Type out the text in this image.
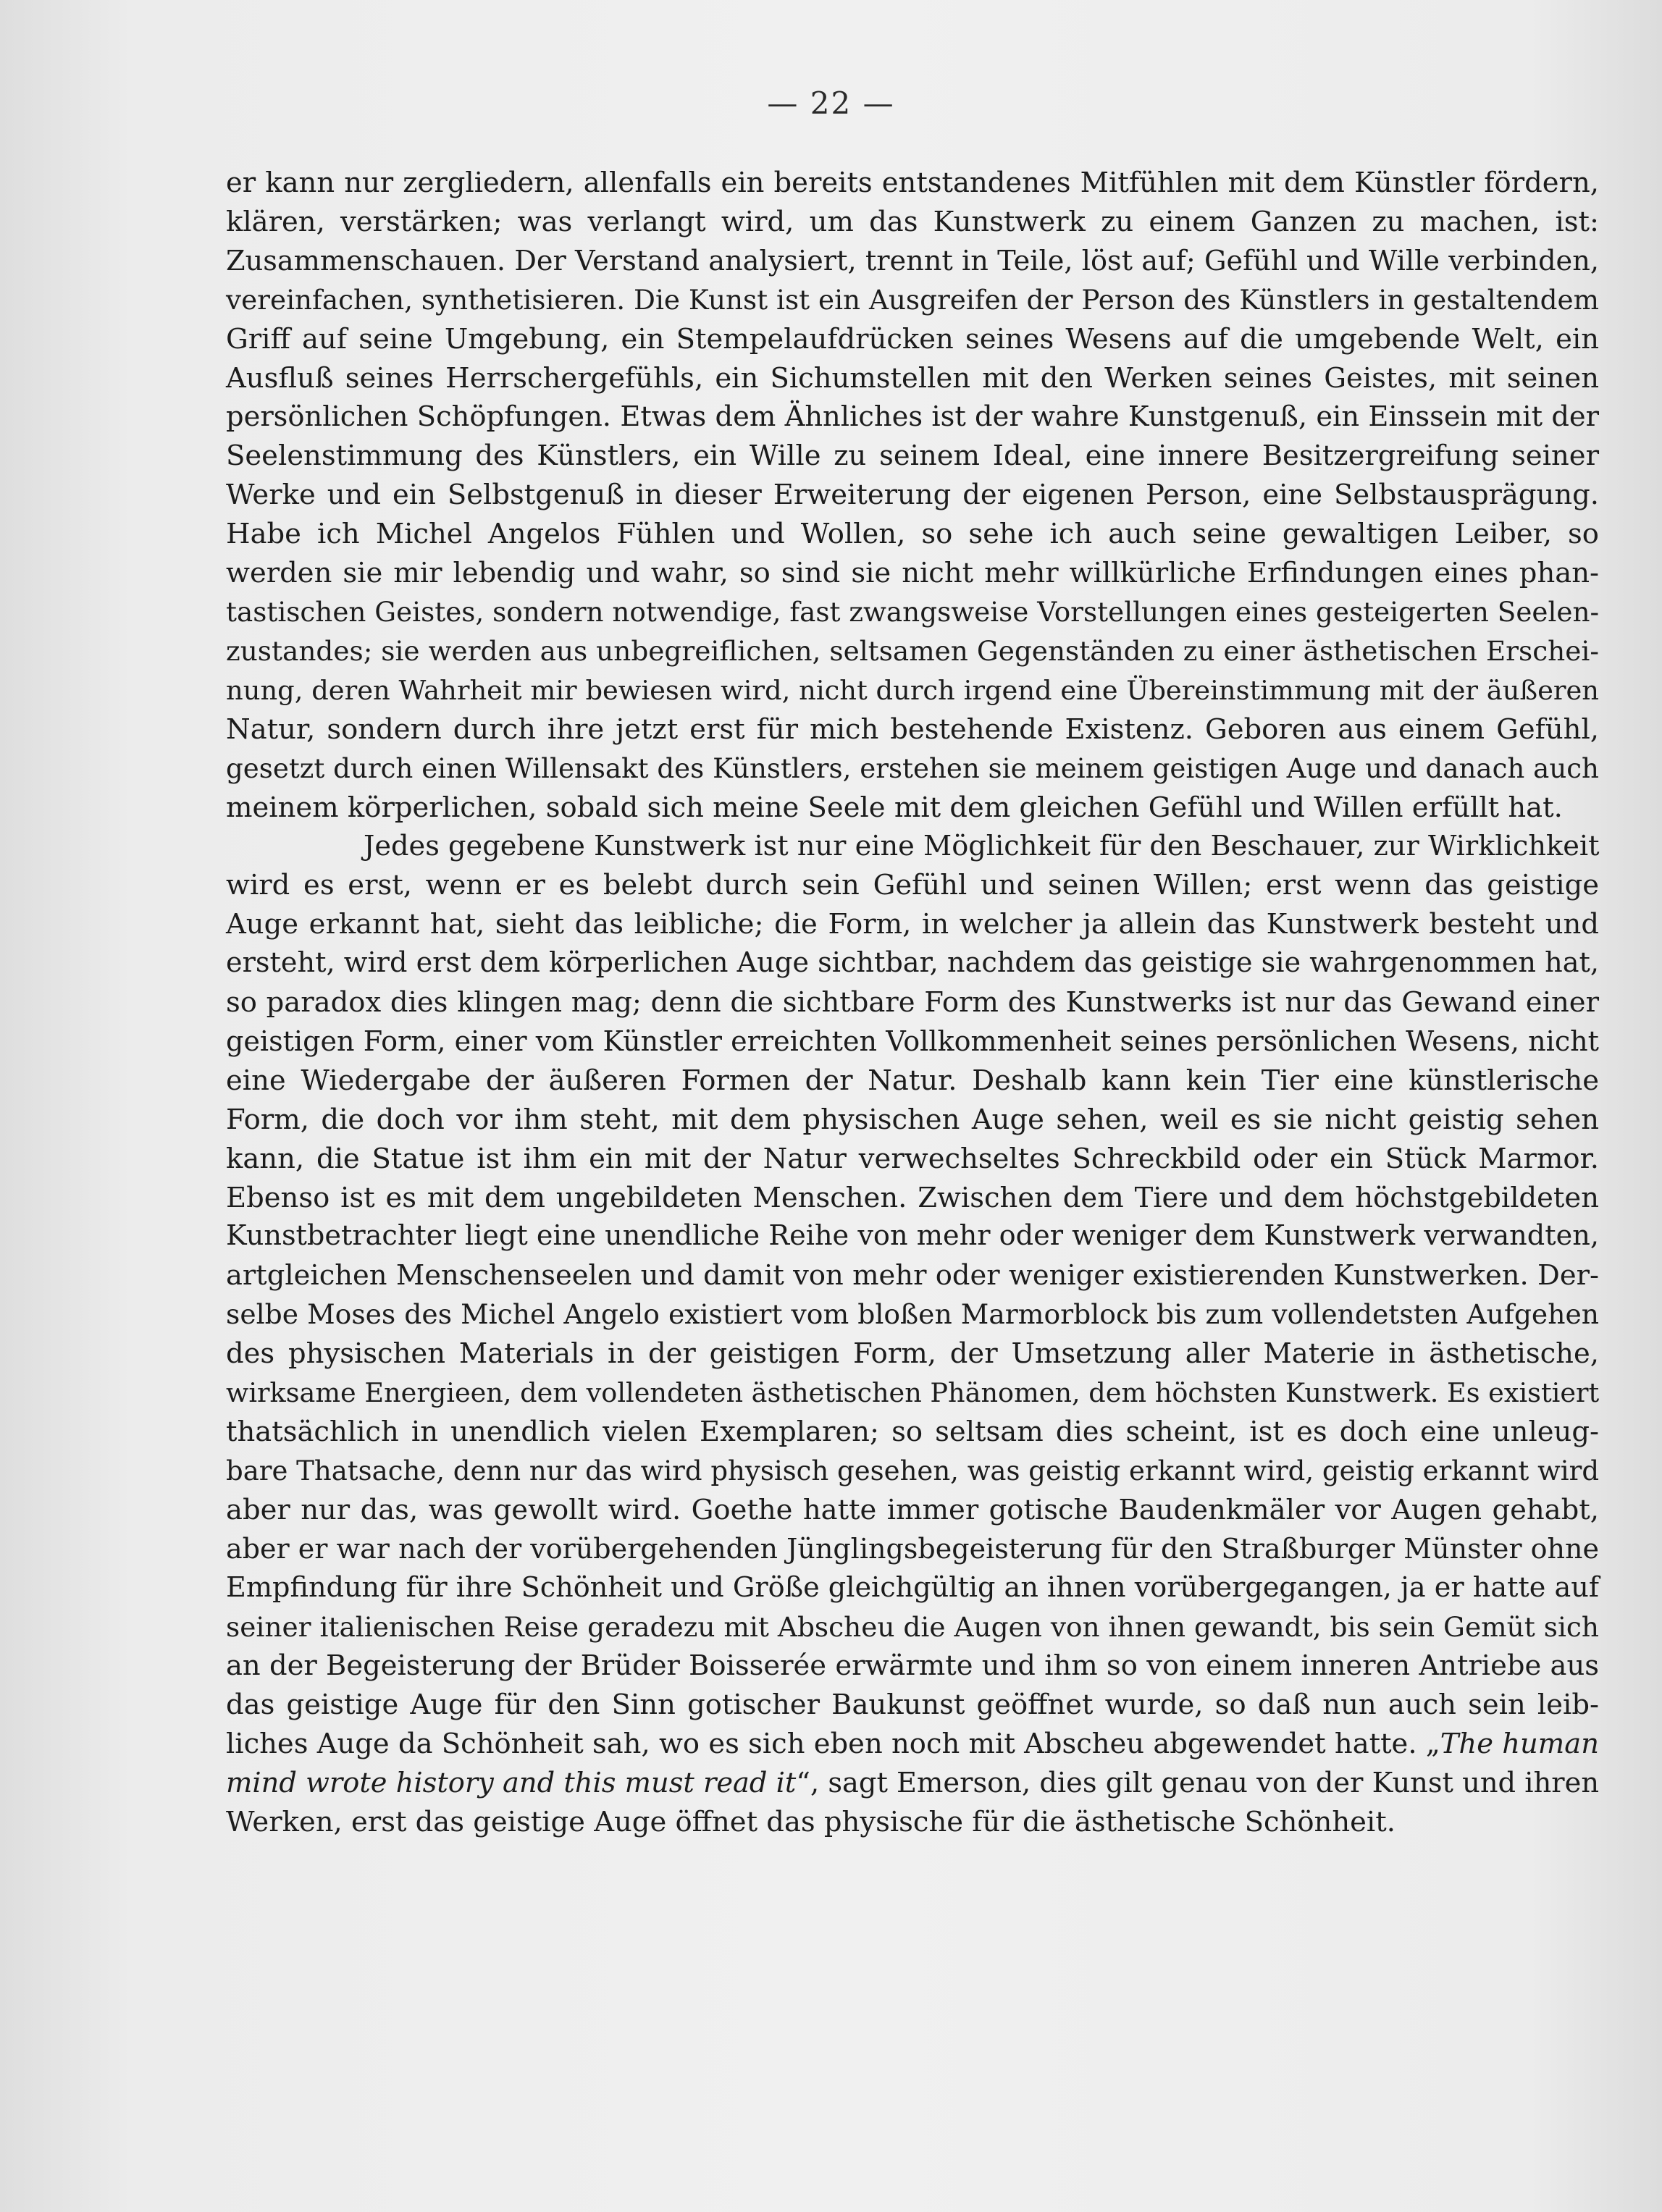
— 22 —
er kann nur zergliedern, allenfalls ein bereits entstandenes Mitfühlen mit dem Künstler fördern,
klären, verstärken; was verlangt wird, um das Kunstwerk zu einem Ganzen zu machen, ist:
Zusammenschauen. Der Verstand analysiert, trennt in Teile, löst auf; Gefühl und Wille verbinden,
vereinfachen, synthetisieren. Die Kunst ist ein Ausgreifen der Person des Künstlers in gestaltendem
Griff auf seine Umgebung, ein Stempelaufdrücken seines Wesens auf die umgebende Welt, ein
Ausfluß seines Herrschergefühls, ein Sichumstellen mit den Werken seines Geistes, mit seinen
persönlichen Schöpfungen. Etwas dem Ähnliches ist der wahre Kunstgenuß, ein Einssein mit der
Seelenstimmung des Künstlers, ein Wille zu seinem Ideal, eine innere Besitzergreifung seiner
Werke und ein Selbstgenuß in dieser Erweiterung der eigenen Person, eine Selbstausprägung.
Habe ich Michel Angelos Fühlen und Wollen, so sehe ich auch seine gewaltigen Leiber, so
werden sie mir lebendig und wahr, so sind sie nicht mehr willkürliche Erfindungen eines phan-
tastischen Geistes, sondern notwendige, fast zwangsweise Vorstellungen eines gesteigerten Seelen-
zustandes; sie werden aus unbegreiflichen, seltsamen Gegenständen zu einer ästhetischen Erschei-
nung, deren Wahrheit mir bewiesen wird, nicht durch irgend eine Übereinstimmung mit der äußeren
Natur, sondern durch ihre jetzt erst für mich bestehende Existenz. Geboren aus einem Gefühl,
gesetzt durch einen Willensakt des Künstlers, erstehen sie meinem geistigen Auge und danach auch
meinem körperlichen, sobald sich meine Seele mit dem gleichen Gefühl und Willen erfüllt hat.
Jedes gegebene Kunstwerk ist nur eine Möglichkeit für den Beschauer, zur Wirklichkeit
wird es erst, wenn er es belebt durch sein Gefühl und seinen Willen; erst wenn das geistige
Auge erkannt hat, sieht das leibliche; die Form, in welcher ja allein das Kunstwerk besteht und
ersteht, wird erst dem körperlichen Auge sichtbar, nachdem das geistige sie wahrgenommen hat,
so paradox dies klingen mag; denn die sichtbare Form des Kunstwerks ist nur das Gewand einer
geistigen Form, einer vom Künstler erreichten Vollkommenheit seines persönlichen Wesens, nicht
eine Wiedergabe der äußeren Formen der Natur. Deshalb kann kein Tier eine künstlerische
Form, die doch vor ihm steht, mit dem physischen Auge sehen, weil es sie nicht geistig sehen
kann, die Statue ist ihm ein mit der Natur verwechseltes Schreckbild oder ein Stück Marmor.
Ebenso ist es mit dem ungebildeten Menschen. Zwischen dem Tiere und dem höchstgebildeten
Kunstbetrachter liegt eine unendliche Reihe von mehr oder weniger dem Kunstwerk verwandten,
artgleichen Menschenseelen und damit von mehr oder weniger existierenden Kunstwerken. Der-
selbe Moses des Michel Angelo existiert vom bloßen Marmorblock bis zum vollendetsten Aufgehen
des physischen Materials in der geistigen Form, der Umsetzung aller Materie in ästhetische,
wirksame Energieen, dem vollendeten ästhetischen Phänomen, dem höchsten Kunstwerk. Es existiert
thatsächlich in unendlich vielen Exemplaren; so seltsam dies scheint, ist es doch eine unleug-
bare Thatsache, denn nur das wird physisch gesehen, was geistig erkannt wird, geistig erkannt wird
aber nur das, was gewollt wird. Goethe hatte immer gotische Baudenkmäler vor Augen gehabt,
aber er war nach der vorübergehenden Jünglingsbegeisterung für den Straßburger Münster ohne
Empfindung für ihre Schönheit und Größe gleichgültig an ihnen vorübergegangen, ja er hatte auf
seiner italienischen Reise geradezu mit Abscheu die Augen von ihnen gewandt, bis sein Gemüt sich
an der Begeisterung der Brüder Boisserée erwärmte und ihm so von einem inneren Antriebe aus
das geistige Auge für den Sinn gotischer Baukunst geöffnet wurde, so daß nun auch sein leib-
liches Auge da Schönheit sah, wo es sich eben noch mit Abscheu abgewendet hatte. „The human
mind wrote history and this must read it“, sagt Emerson, dies gilt genau von der Kunst und ihren
Werken, erst das geistige Auge öffnet das physische für die ästhetische Schönheit.
